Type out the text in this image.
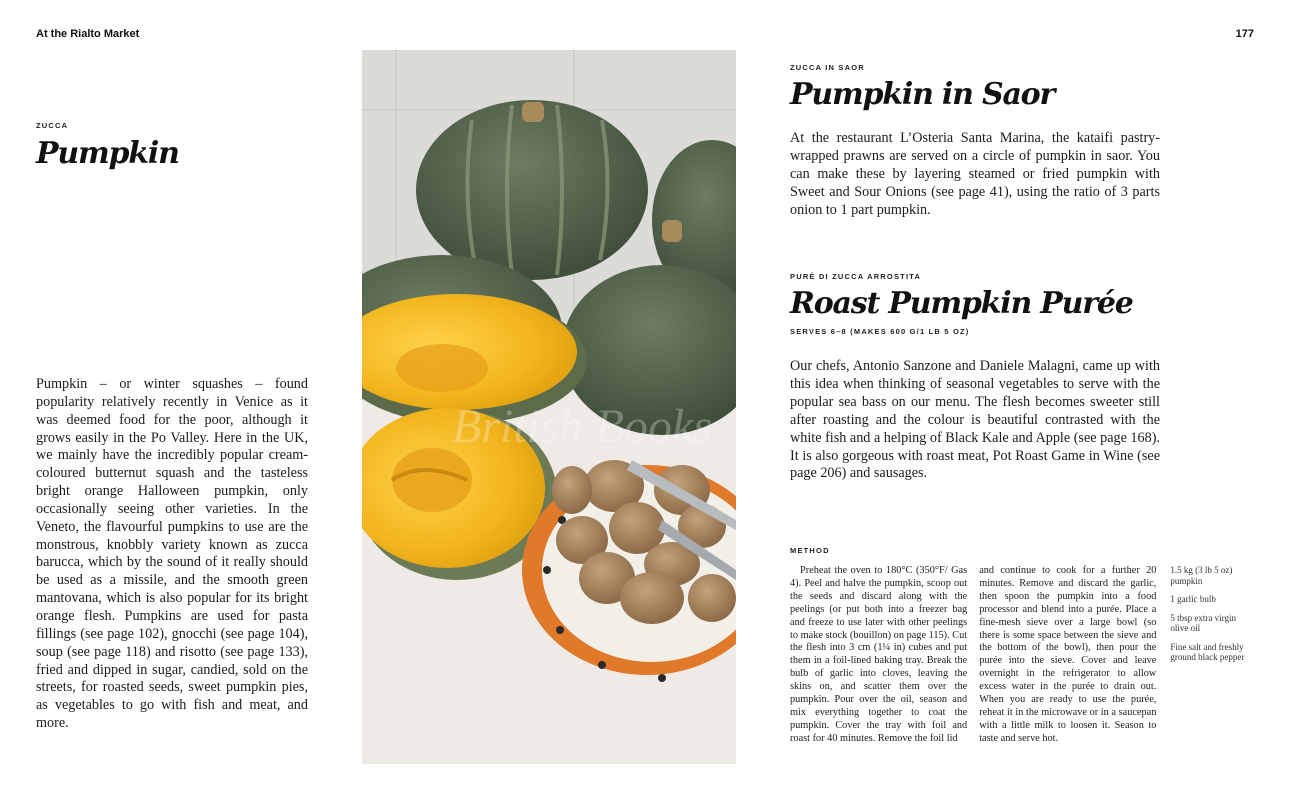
At the Rialto Market	177
ZUCCA
Pumpkin
Pumpkin – or winter squashes – found popularity relatively recently in Venice as it was deemed food for the poor, although it grows easily in the Po Valley. Here in the UK, we mainly have the incredibly popular cream-coloured butternut squash and the tasteless bright orange Halloween pumpkin, only occasionally seeing other varieties. In the Veneto, the flavourful pumpkins to use are the monstrous, knobbly variety known as zucca barucca, which by the sound of it really should be used as a missile, and the smooth green mantovana, which is also popular for its bright orange flesh. Pumpkins are used for pasta fillings (see page 102), gnocchi (see page 104), soup (see page 118) and risotto (see page 133), fried and dipped in sugar, candied, sold on the streets, for roasted seeds, sweet pumpkin pies, as vegetables to go with fish and meat, and more.
British Books
ZUCCA IN SAOR
Pumpkin in Saor

At the restaurant L’Osteria Santa Marina, the kataifi pastry-wrapped prawns are served on a circle of pumpkin in saor. You can make these by layering steamed or fried pumpkin with Sweet and Sour Onions (see page 41), using the ratio of 3 parts onion to 1 part pumpkin.

PURÉ DI ZUCCA ARROSTITA
Roast Pumpkin Purée
SERVES 6–8 (MAKES 600 G/1 LB 5 OZ)

Our chefs, Antonio Sanzone and Daniele Malagni, came up with this idea when thinking of seasonal vegetables to serve with the popular sea bass on our menu. The flesh becomes sweeter still after roasting and the colour is beautiful contrasted with the white fish and a helping of Black Kale and Apple (see page 168). It is also gorgeous with roast meat, Pot Roast Game in Wine (see page 206) and sausages.

METHOD

Preheat the oven to 180°C (350°F/ Gas 4). Peel and halve the pumpkin, scoop out the seeds and discard along with the peelings (or put both into a freezer bag and freeze to use later with other peelings to make stock (bouillon) on page 115). Cut the flesh into 3 cm (1¼ in) cubes and put them in a foil-lined baking tray. Break the bulb of garlic into cloves, leaving the skins on, and scatter them over the pumpkin. Pour over the oil, season and mix everything together to coat the pumpkin. Cover the tray with foil and roast for 40 minutes. Remove the foil lid

and continue to cook for a further 20 minutes. Remove and discard the garlic, then spoon the pumpkin into a food processor and blend into a purée. Place a fine-mesh sieve over a large bowl (so there is some space between the sieve and the bottom of the bowl), then pour the purée into the sieve. Cover and leave overnight in the refrigerator to allow excess water in the purée to drain out. When you are ready to use the purée, reheat it in the microwave or in a saucepan with a little milk to loosen it. Season to taste and serve hot.

1.5 kg (3 lb 5 oz) pumpkin

1 garlic bulb

5 tbsp extra virgin olive oil

Fine salt and freshly ground black pepper
